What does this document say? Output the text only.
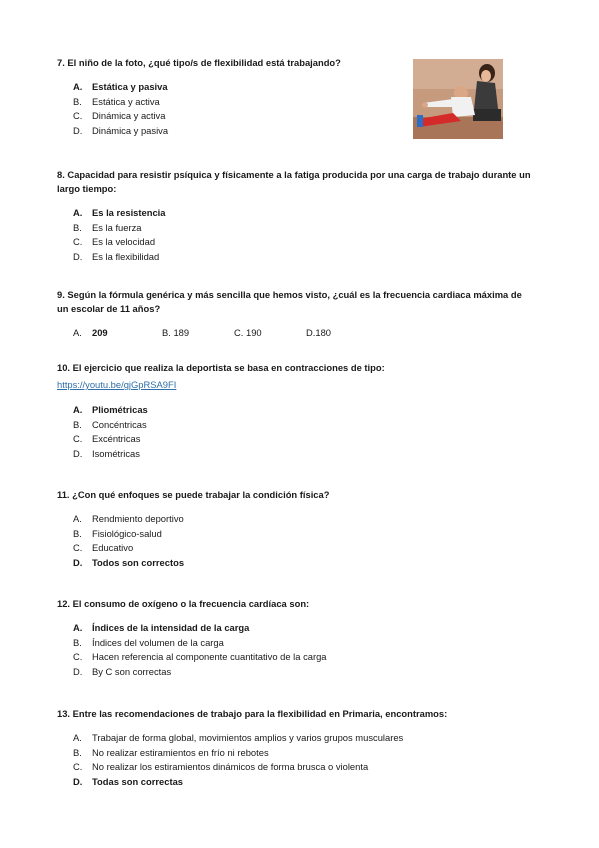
7. El niño de la foto, ¿qué tipo/s de flexibilidad está trabajando?

A.	Estática y pasiva
B.	Estática y activa
C.	Dinámica y activa
D.	Dinámica y pasiva

8. Capacidad para resistir psíquica y físicamente a la fatiga producida por una carga de trabajo durante un largo tiempo:

A.	Es la resistencia
B.	Es la fuerza
C.	Es la velocidad
D.	Es la flexibilidad

9. Según la fórmula genérica y más sencilla que hemos visto, ¿cuál es la frecuencia cardiaca máxima de un escolar de 11 años?

A.	209	B. 189	C. 190	D.180

10. El ejercicio que realiza la deportista se basa en contracciones de tipo:

https://youtu.be/gjGpRSA9FI
A.	Pliométricas
B.	Concéntricas
C.	Excéntricas
D.	Isométricas

11. ¿Con qué enfoques se puede trabajar la condición física?

A.	Rendmiento deportivo
B.	Fisiológico-salud
C.	Educativo
D.	Todos son correctos

12. El consumo de oxígeno o la frecuencia cardíaca son:

A.	Índices de la intensidad de la carga
B.	Índices del volumen de la carga
C.	Hacen referencia al componente cuantitativo de la carga
D.	By C son correctas

13. Entre las recomendaciones de trabajo para la flexibilidad en Primaria, encontramos:

A.	Trabajar de forma global, movimientos amplios y varios grupos musculares
B.	No realizar estiramientos en frío ni rebotes
C.	No realizar los estiramientos dinámicos de forma brusca o violenta
D.	Todas son correctas
